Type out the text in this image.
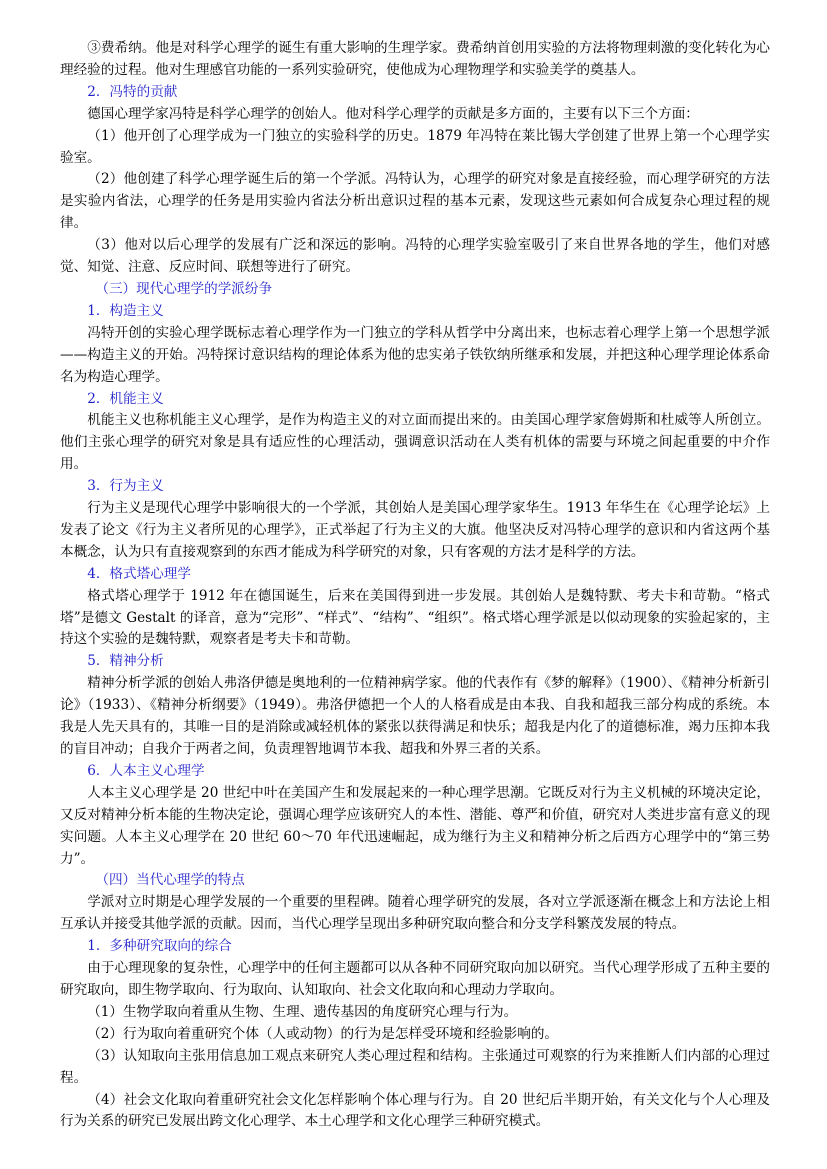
③费希纳。他是对科学心理学的诞生有重大影响的生理学家。费希纳首创用实验的方法将物理刺激的变化转化为心理经验的过程。他对生理感官功能的一系列实验研究，使他成为心理物理学和实验美学的奠基人。

2．冯特的贡献

德国心理学家冯特是科学心理学的创始人。他对科学心理学的贡献是多方面的，主要有以下三个方面：

（1）他开创了心理学成为一门独立的实验科学的历史。1879 年冯特在莱比锡大学创建了世界上第一个心理学实验室。

（2）他创建了科学心理学诞生后的第一个学派。冯特认为，心理学的研究对象是直接经验，而心理学研究的方法是实验内省法，心理学的任务是用实验内省法分析出意识过程的基本元素，发现这些元素如何合成复杂心理过程的规律。

（3）他对以后心理学的发展有广泛和深远的影响。冯特的心理学实验室吸引了来自世界各地的学生，他们对感觉、知觉、注意、反应时间、联想等进行了研究。

（三）现代心理学的学派纷争

1．构造主义

冯特开创的实验心理学既标志着心理学作为一门独立的学科从哲学中分离出来，也标志着心理学上第一个思想学派——构造主义的开始。冯特探讨意识结构的理论体系为他的忠实弟子铁钦纳所继承和发展，并把这种心理学理论体系命名为构造心理学。

2．机能主义

机能主义也称机能主义心理学，是作为构造主义的对立面而提出来的。由美国心理学家詹姆斯和杜威等人所创立。他们主张心理学的研究对象是具有适应性的心理活动，强调意识活动在人类有机体的需要与环境之间起重要的中介作用。

3．行为主义

行为主义是现代心理学中影响很大的一个学派，其创始人是美国心理学家华生。1913 年华生在《心理学论坛》上发表了论文《行为主义者所见的心理学》，正式举起了行为主义的大旗。他坚决反对冯特心理学的意识和内省这两个基本概念，认为只有直接观察到的东西才能成为科学研究的对象，只有客观的方法才是科学的方法。

4．格式塔心理学

格式塔心理学于 1912 年在德国诞生，后来在美国得到进一步发展。其创始人是魏特默、考夫卡和苛勒。“格式塔”是德文 Gestalt 的译音，意为“完形”、“样式”、“结构”、“组织”。格式塔心理学派是以似动现象的实验起家的，主持这个实验的是魏特默，观察者是考夫卡和苛勒。

5．精神分析

精神分析学派的创始人弗洛伊德是奥地利的一位精神病学家。他的代表作有《梦的解释》（1900）、《精神分析新引论》（1933）、《精神分析纲要》（1949）。弗洛伊德把一个人的人格看成是由本我、自我和超我三部分构成的系统。本我是人先天具有的，其唯一目的是消除或减轻机体的紧张以获得满足和快乐；超我是内化了的道德标准，竭力压抑本我的盲目冲动；自我介于两者之间，负责理智地调节本我、超我和外界三者的关系。

6．人本主义心理学

人本主义心理学是 20 世纪中叶在美国产生和发展起来的一种心理学思潮。它既反对行为主义机械的环境决定论，又反对精神分析本能的生物决定论，强调心理学应该研究人的本性、潜能、尊严和价值，研究对人类进步富有意义的现实问题。人本主义心理学在 20 世纪 60～70 年代迅速崛起，成为继行为主义和精神分析之后西方心理学中的“第三势力”。

（四）当代心理学的特点

学派对立时期是心理学发展的一个重要的里程碑。随着心理学研究的发展，各对立学派逐渐在概念上和方法论上相互承认并接受其他学派的贡献。因而，当代心理学呈现出多种研究取向整合和分支学科繁茂发展的特点。

1．多种研究取向的综合

由于心理现象的复杂性，心理学中的任何主题都可以从各种不同研究取向加以研究。当代心理学形成了五种主要的研究取向，即生物学取向、行为取向、认知取向、社会文化取向和心理动力学取向。

（1）生物学取向着重从生物、生理、遗传基因的角度研究心理与行为。

（2）行为取向着重研究个体（人或动物）的行为是怎样受环境和经验影响的。

（3）认知取向主张用信息加工观点来研究人类心理过程和结构。主张通过可观察的行为来推断人们内部的心理过程。

（4）社会文化取向着重研究社会文化怎样影响个体心理与行为。自 20 世纪后半期开始，有关文化与个人心理及行为关系的研究已发展出跨文化心理学、本土心理学和文化心理学三种研究模式。
